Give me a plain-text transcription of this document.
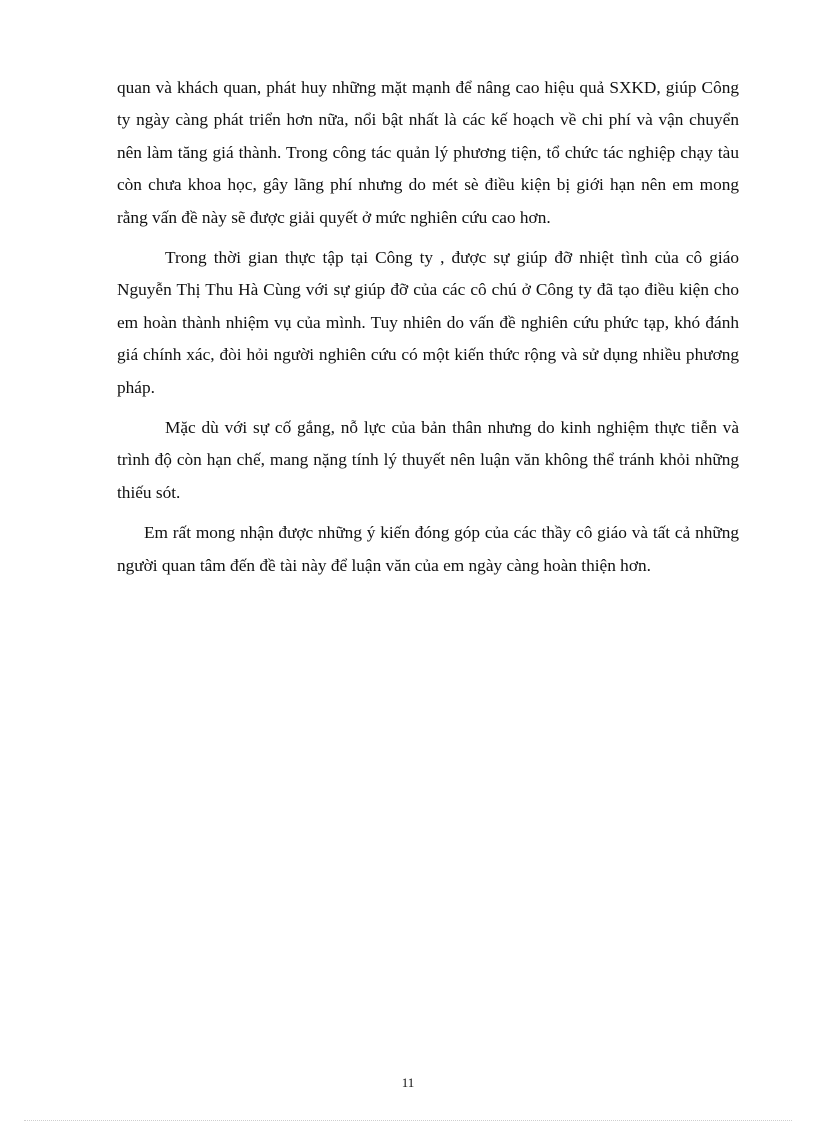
quan và khách quan, phát huy những mặt mạnh để nâng cao hiệu quả SXKD, giúp Công ty ngày càng phát triển hơn nữa, nổi bật nhất là các kế hoạch về chi phí và vận chuyển nên làm tăng giá thành. Trong công tác quản lý phương tiện, tổ chức tác nghiệp chạy tàu còn chưa khoa học, gây lãng phí nhưng do mét sè điều kiện bị giới hạn nên em mong rằng vấn đề này sẽ được giải quyết ở mức nghiên cứu cao hơn.

Trong thời gian thực tập tại Công ty , được sự giúp đỡ nhiệt tình của cô giáo Nguyễn Thị Thu Hà Cùng với sự giúp đỡ của các cô chú ở Công ty đã tạo điều kiện cho em hoàn thành nhiệm vụ của mình. Tuy nhiên do vấn đề nghiên cứu phức tạp, khó đánh giá chính xác, đòi hỏi người nghiên cứu có một kiến thức rộng và sử dụng nhiều phương pháp.

Mặc dù với sự cố gắng, nỗ lực của bản thân nhưng do kinh nghiệm thực tiễn và trình độ còn hạn chế, mang nặng tính lý thuyết nên luận văn không thể tránh khỏi những thiếu sót.

Em rất mong nhận được những ý kiến đóng góp của các thầy cô giáo và tất cả những người quan tâm đến đề tài này để luận văn của em ngày càng hoàn thiện hơn.

11
